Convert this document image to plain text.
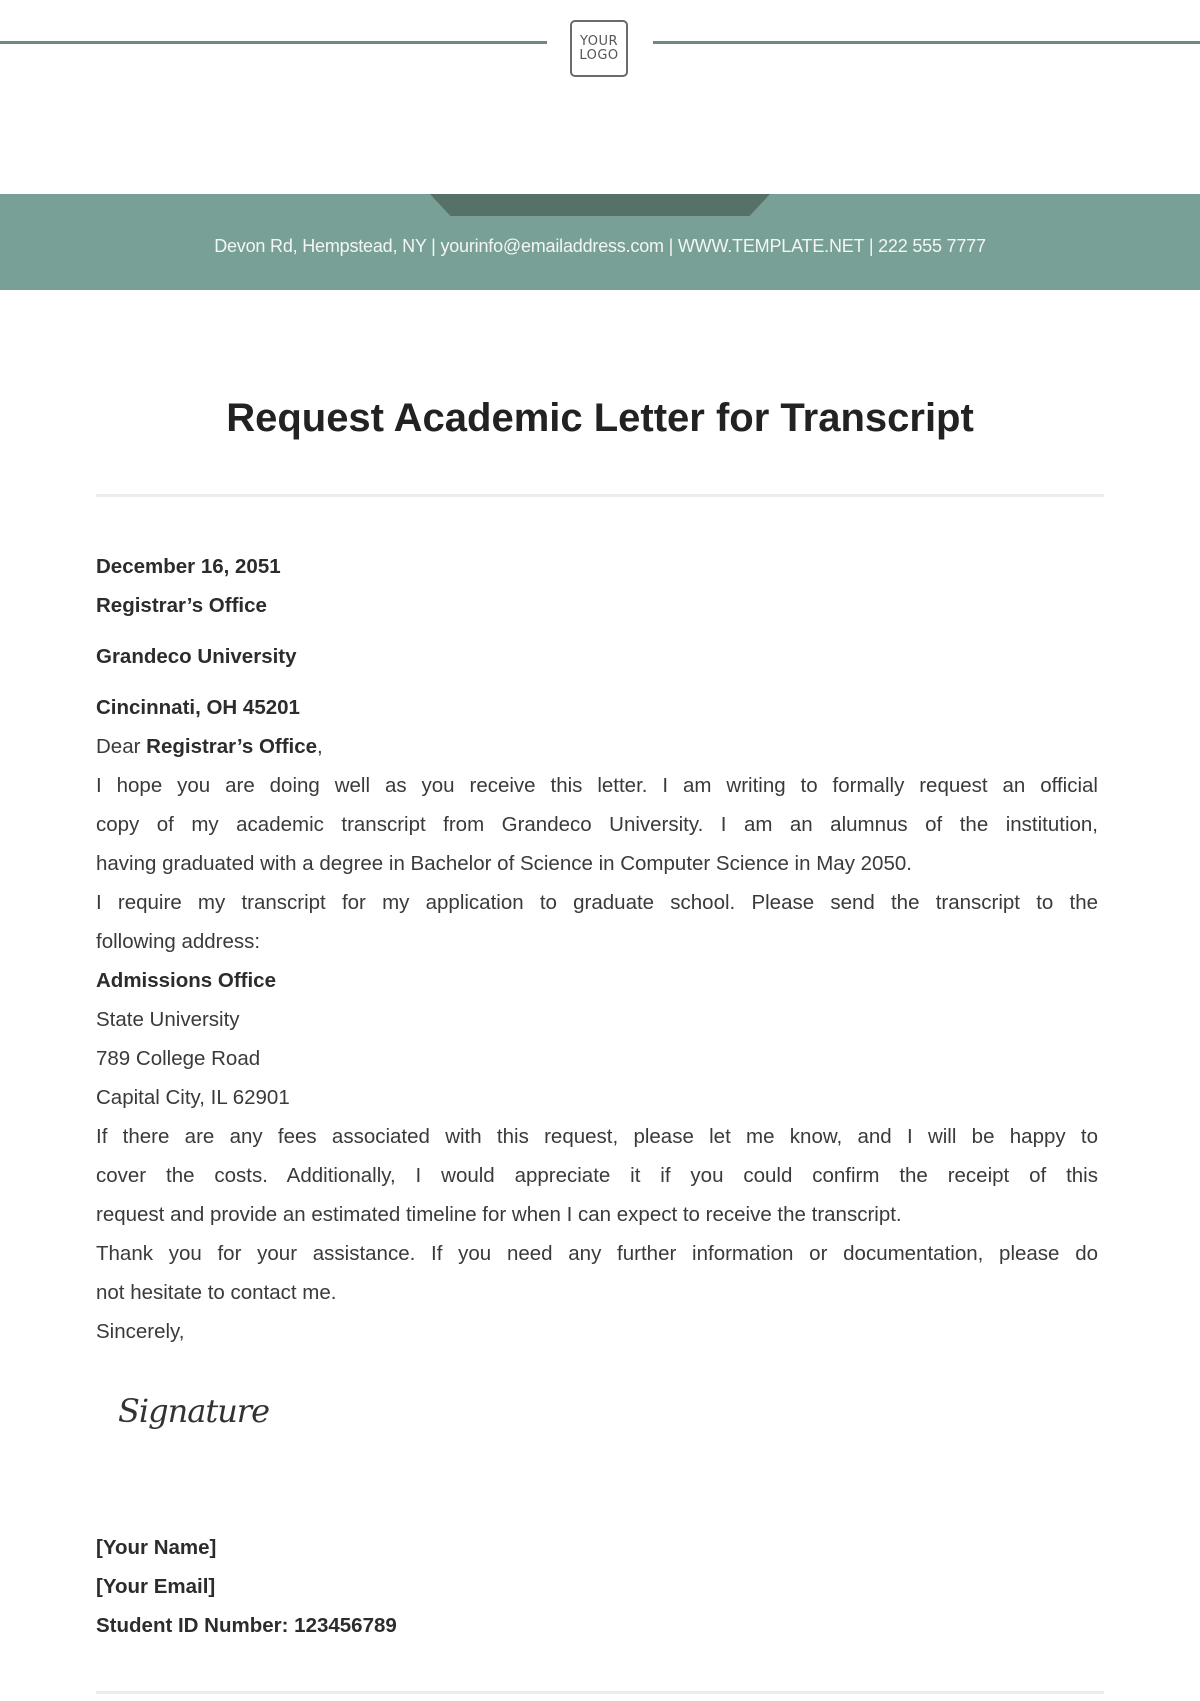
YOUR
LOGO
Devon Rd, Hempstead, NY | yourinfo@emailaddress.com | WWW.TEMPLATE.NET | 222 555 7777
Request Academic Letter for Transcript
December 16, 2051
Registrar’s Office
Grandeco University
Cincinnati, OH 45201
Dear Registrar’s Office,
I hope you are doing well as you receive this letter. I am writing to formally request an official
copy of my academic transcript from Grandeco University. I am an alumnus of the institution,
having graduated with a degree in Bachelor of Science in Computer Science in May 2050.
I require my transcript for my application to graduate school. Please send the transcript to the
following address:
Admissions Office
State University
789 College Road
Capital City, IL 62901
If there are any fees associated with this request, please let me know, and I will be happy to
cover the costs. Additionally, I would appreciate it if you could confirm the receipt of this
request and provide an estimated timeline for when I can expect to receive the transcript.
Thank you for your assistance. If you need any further information or documentation, please do
not hesitate to contact me.
Sincerely,
Signature
[Your Name]
[Your Email]
Student ID Number: 123456789
